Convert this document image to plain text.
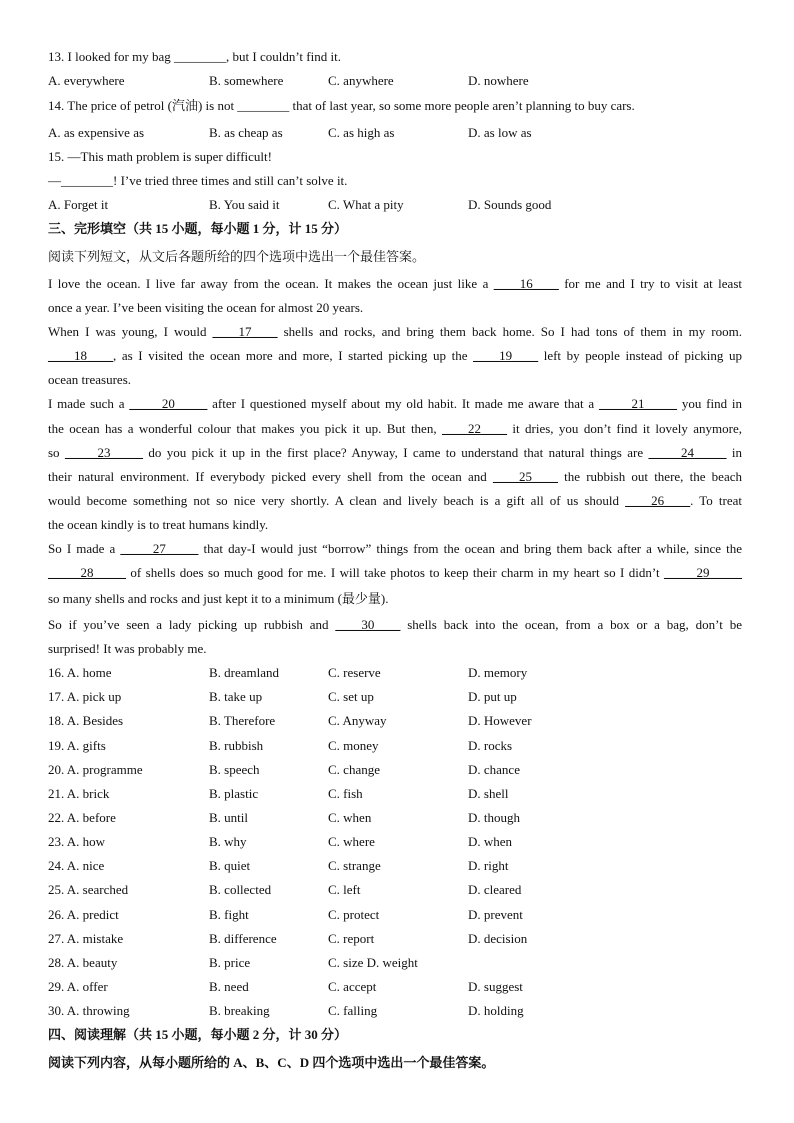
13. I looked for my bag ________, but I couldn’t find it.
A. everywhere	B. somewhere	C. anywhere	D. nowhere
14. The price of petrol (汽油) is not ________ that of last year, so some more people aren’t planning to buy cars.
A. as expensive as	B. as cheap as	C. as high as	D. as low as
15. —This math problem is super difficult!
—________! I’ve tried three times and still can’t solve it.
A. Forget it	B. You said it	C. What a pity	D. Sounds good
三、完形填空（共 15 小题，每小题 1 分，计 15 分）
阅读下列短文，从文后各题所给的四个选项中选出一个最佳答案。
I love the ocean. I live far away from the ocean. It makes the ocean just like a ____16____ for me and I try to visit at least
once a year. I’ve been visiting the ocean for almost 20 years.
When I was young, I would ____17____ shells and rocks, and bring them back home. So I had tons of them in my room.
____18____, as I visited the ocean more and more, I started picking up the ____19____ left by people instead of picking up
ocean treasures.
I made such a _____20_____ after I questioned myself about my old habit. It made me aware that a _____21_____ you find in
the ocean has a wonderful colour that makes you pick it up. But then, ____22____ it dries, you don’t find it lovely anymore,
so _____23_____ do you pick it up in the first place? Anyway, I came to understand that natural things are _____24_____ in
their natural environment. If everybody picked every shell from the ocean and ____25____ the rubbish out there, the beach
would become something not so nice very shortly. A clean and lively beach is a gift all of us should ____26____. To treat
the ocean kindly is to treat humans kindly.
So I made a _____27_____ that day-I would just “borrow” things from the ocean and bring them back after a while, since the
_____28_____ of shells does so much good for me. I will take photos to keep their charm in my heart so I didn’t _____29_____
so many shells and rocks and just kept it to a minimum (最少量).
So if you’ve seen a lady picking up rubbish and ____30____ shells back into the ocean, from a box or a bag, don’t be
surprised! It was probably me.
16. A. home	B. dreamland	C. reserve	D. memory
17. A. pick up	B. take up	C. set up	D. put up
18. A. Besides	B. Therefore	C. Anyway	D. However
19. A. gifts	B. rubbish	C. money	D. rocks
20. A. programme	B. speech	C. change	D. chance
21. A. brick	B. plastic	C. fish	D. shell
22. A. before	B. until	C. when	D. though
23. A. how	B. why	C. where	D. when
24. A. nice	B. quiet	C. strange	D. right
25. A. searched	B. collected	C. left	D. cleared
26. A. predict	B. fight	C. protect	D. prevent
27. A. mistake	B. difference	C. report	D. decision
28. A. beauty	B. price	C. size D. weight
29. A. offer	B. need	C. accept	D. suggest
30. A. throwing	B. breaking	C. falling	D. holding
四、阅读理解（共 15 小题，每小题 2 分，计 30 分）
阅读下列内容，从每小题所给的 A、B、C、D 四个选项中选出一个最佳答案。
